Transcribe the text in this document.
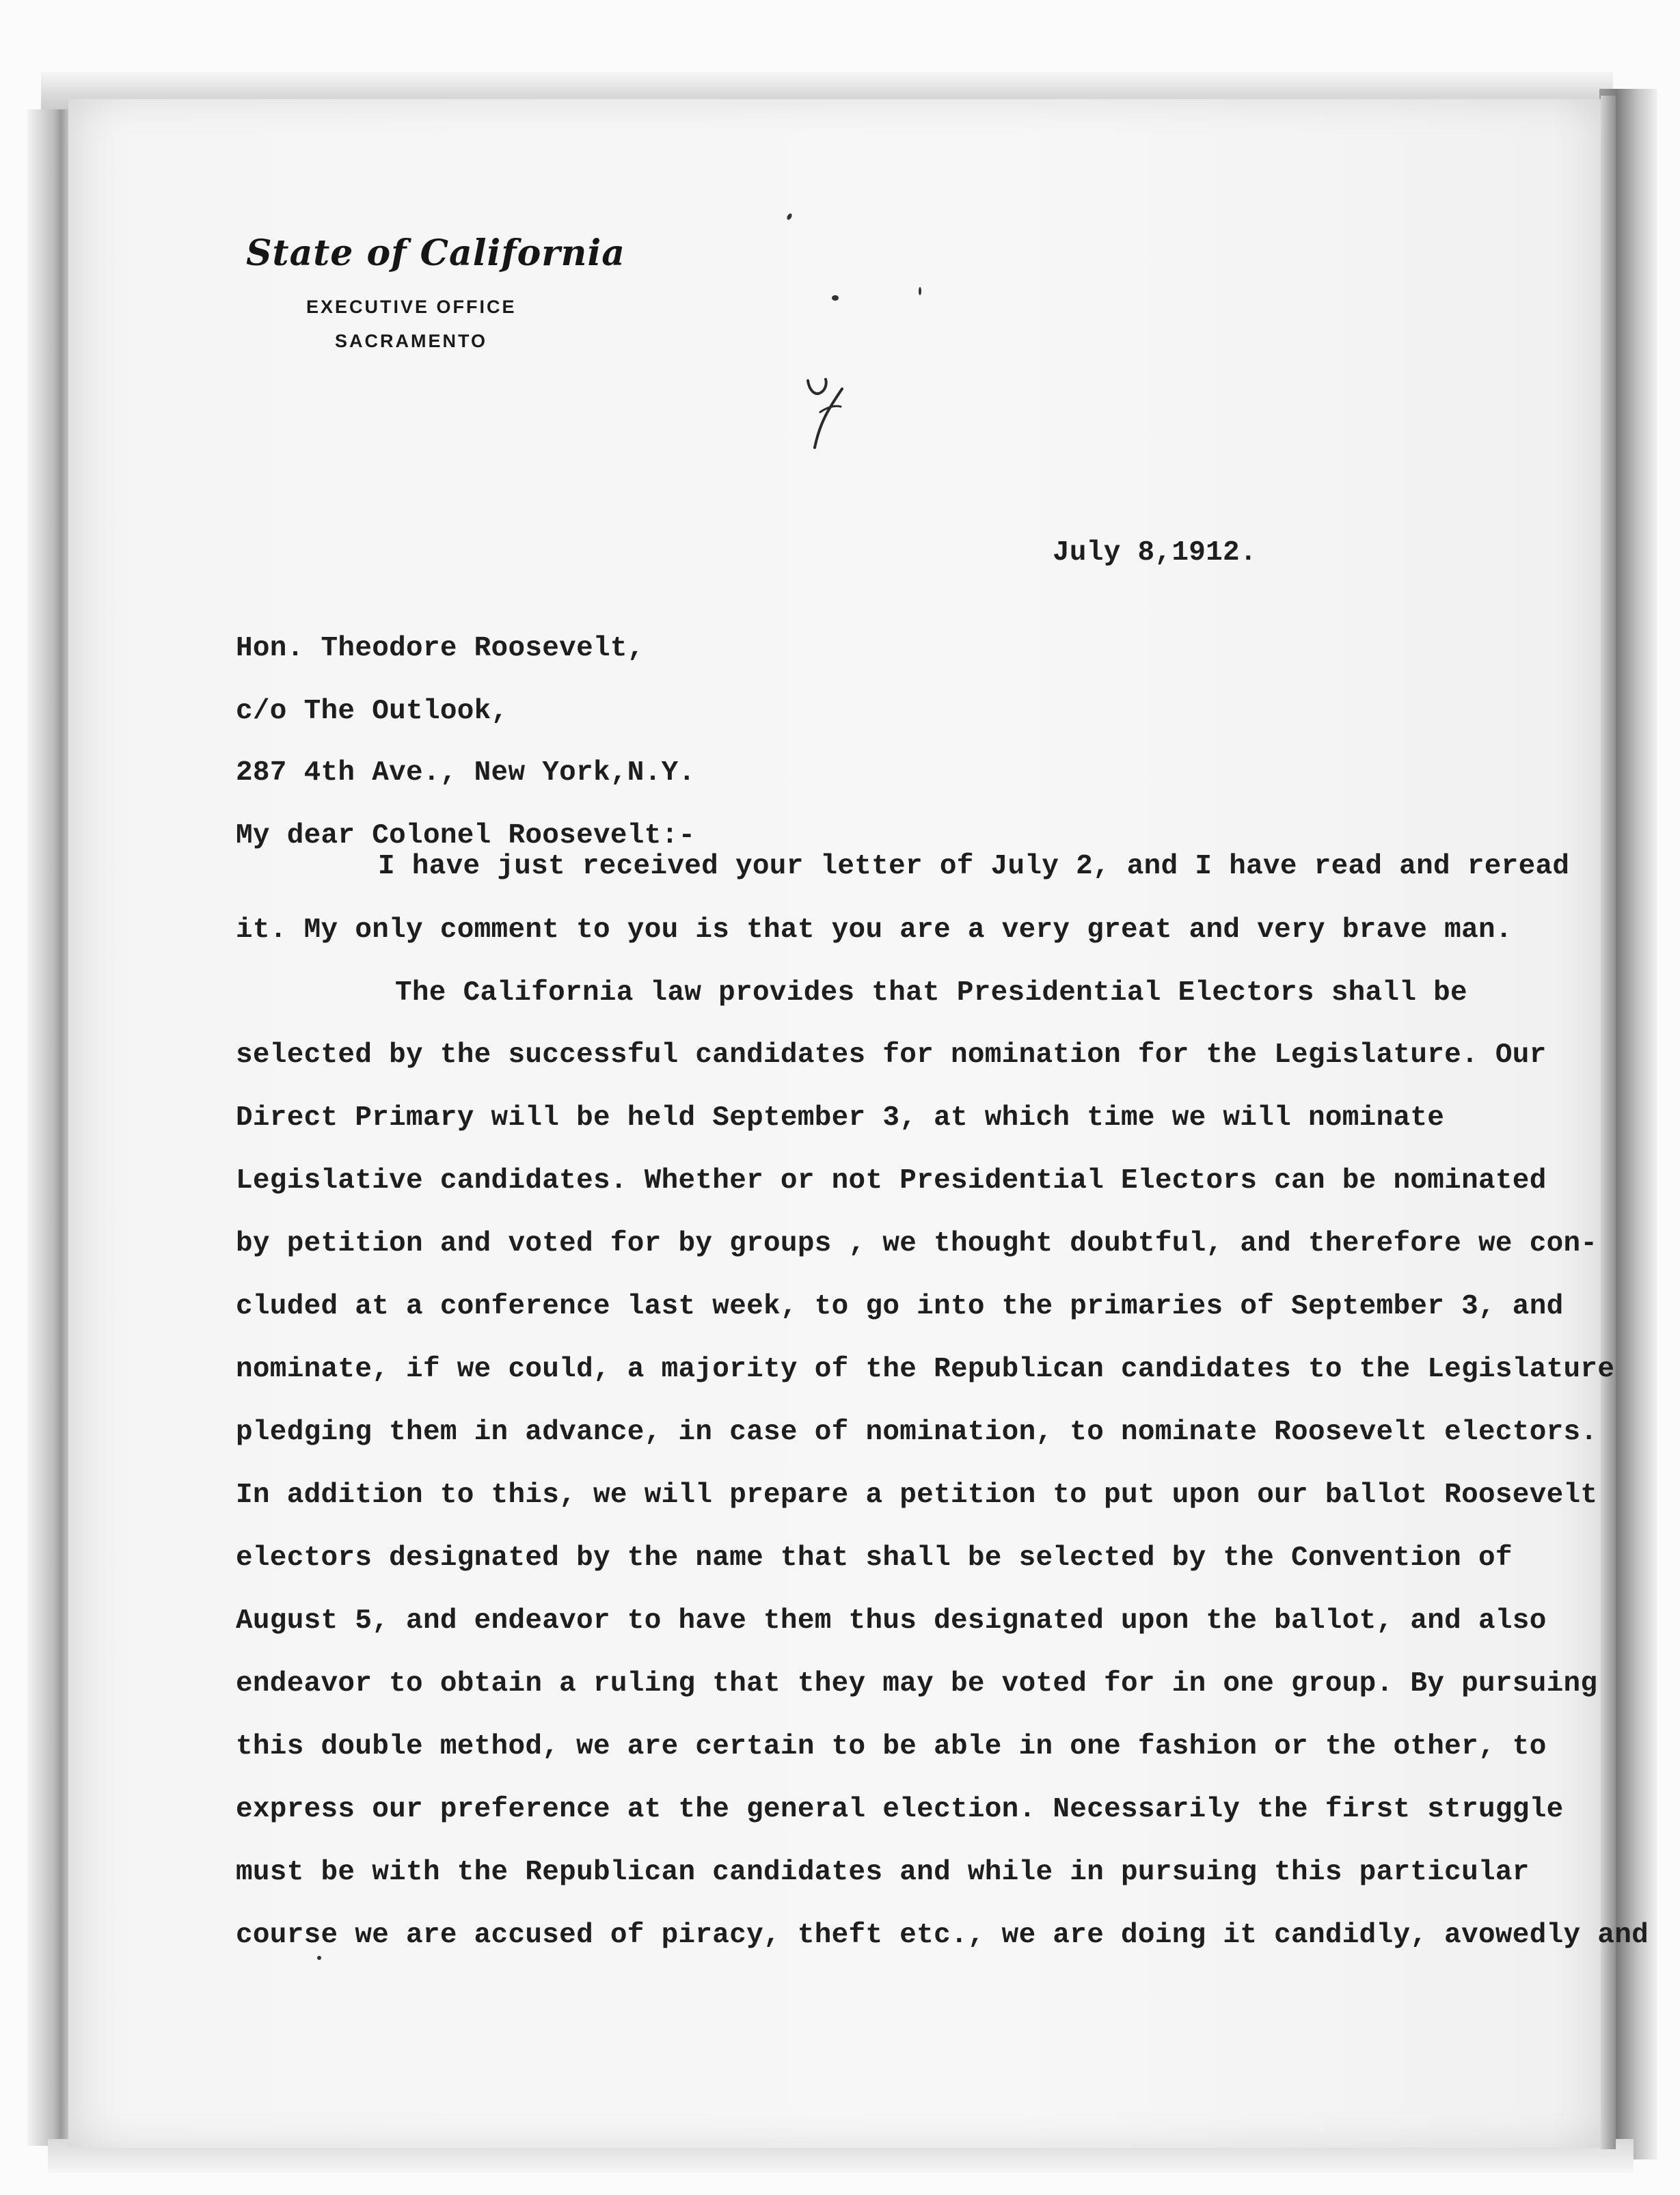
State of California
EXECUTIVE OFFICE
SACRAMENTO
July 8,1912.
Hon. Theodore Roosevelt,
c/o The Outlook,
287 4th Ave., New York,N.Y.
My dear Colonel Roosevelt:-
I have just received your letter of July 2, and I have read and reread
it. My only comment to you is that you are a very great and very brave man.
The California law provides that Presidential Electors shall be
selected by the successful candidates for nomination for the Legislature. Our
Direct Primary will be held September 3, at which time we will nominate
Legislative candidates. Whether or not Presidential Electors can be nominated
by petition and voted for by groups , we thought doubtful, and therefore we con-
cluded at a conference last week, to go into the primaries of September 3, and
nominate, if we could, a majority of the Republican candidates to the Legislature
pledging them in advance, in case of nomination, to nominate Roosevelt electors.
In addition to this, we will prepare a petition to put upon our ballot Roosevelt
electors designated by the name that shall be selected by the Convention of
August 5, and endeavor to have them thus designated upon the ballot, and also
endeavor to obtain a ruling that they may be voted for in one group. By pursuing
this double method, we are certain to be able in one fashion or the other, to
express our preference at the general election. Necessarily the first struggle
must be with the Republican candidates and while in pursuing this particular
course we are accused of piracy, theft etc., we are doing it candidly, avowedly and
